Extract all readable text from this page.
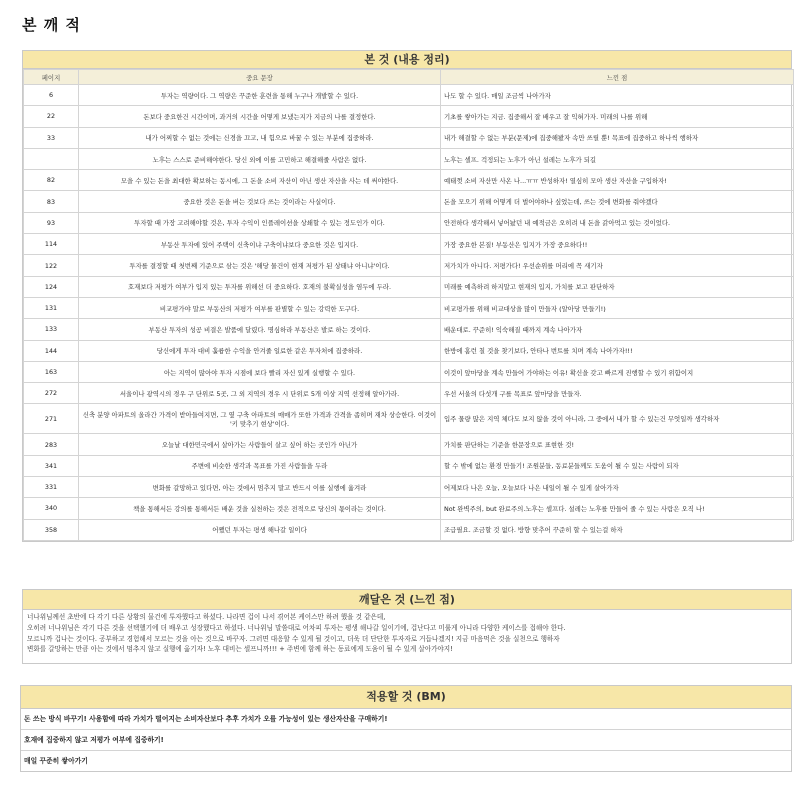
본 깨 적
본 것 (내용 정리)
페이지	중요 문장	느낀 점
6	투자는 역량이다. 그 역량은 꾸준한 훈련을 통해 누구나 개발할 수 있다.	나도 할 수 있다. 매일 조금씩 나아가자
22	돈보다 중요한건 시간이며, 과거의 시간을 어떻게 보냈는지가 지금의 나를 결정한다.	기초를 쌓아가는 지금. 집중해서 잘 배우고 잘 익혀가자. 미래의 나를 위해
33	내가 어찌할 수 없는 것에는 신경을 끄고, 내 힘으로 바꿀 수 있는 부분에 집중하라.	내가 해결할 수 없는 부분(문제)에 집중해봤자 속만 쓰릴 뿐! 목표에 집중하고 하나씩 행하자
	노후는 스스로 준비해야한다. 당신 외에 이를 고민하고 해결해줄 사람은 없다.	노후는 셀프. 걱정되는 노후가 아닌 설레는 노후가 되길
82	모을 수 있는 돈을 최대한 확보하는 동시에, 그 돈을 소비 자산이 아닌 생산 자산을 사는 데 써야한다.	예태껏 소비 자산만 사온 나...ㅠㅠ 반성하자! 열심히 모아 생산 자산을 구입하자!
83	중요한 것은 돈을 버는 것보다 쓰는 것이라는 사실이다.	돈을 모으기 위해 어떻게 더 벌어야하나 싶었는데, 쓰는 것에 변화를 줘야겠다
93	투자할 때 가장 고려해야할 것은, 투자 수익이 인플레이션을 상쇄할 수 있는 정도인가 이다.	안전하다 생각해서 넣어놨던 내 예적금은 오히려 내 돈을 갉아먹고 있는 것이었다.
114	부동산 투자에 있어 주택이 신축이냐 구축이냐보다 중요한 것은 입지다.	가장 중요한 본질! 부동산은 입지가 가장 중요하다!!
122	투자를 결정할 때 첫번째 기준으로 삼는 것은 '해당 물건이 현재 저평가 된 상태냐 아니냐'이다.	저가치가 아니다. 저평가다! 우선순위를 머리에 꼭 새기자
124	호재보다 저평가 여부가 입지 있는 투자를 위해선 더 중요하다. 호재의 불확실성을 염두에 두라.	미래를 예측하려 하지말고 현재의 입지, 가치를 보고 판단하자
131	비교평가야 말로 부동산의 저평가 여부를 판별할 수 있는 강력한 도구다.	비교평가를 위해 비교대상을 많이 만들자 (알아당 만들기!)
133	부동산 투자의 성공 비결은 발품에 달렸다. 명심하라 부동산은 발로 하는 것이다.	배운대로. 꾸준히! 익숙해질 때까지 계속 나아가자
144	당신에게 투자 대비 훌륭한 수익을 안겨줄 일료한 같은 투자처에 집중하라.	한방에 홈런 칠 것을 찾기보다, 안타나 번트를 치며 계속 나아가자!!!
163	아는 지역이 많아야 투자 시점에 보다 빨리 자신 있게 실행할 수 있다.	이것이 앞마당을 계속 만들어 가야하는 이유! 확신을 갖고 빠르게 진행할 수 있기 위함이지
272	서울이나 광역시의 경우 구 단위로 5곳, 그 외 지역의 경우 시 단위로 5개 이상 지역 선정해 알아가라.	우선 서울의 다섯개 구를 목표로 앞마당을 만들자.
271	신축 분양 아파트의 올라간 가격이 받아들여지면, 그 옆 구축 아파트의 매매가 또한 가격과 간격을 좁히며 재차 상승한다. 이것이 '키 맞추기 현상'이다.	입주 물량 많은 지역 체다도 보지 않을 것이 아니라, 그 중에서 내가 할 수 있는건 무엇일까 생각하자
283	오늘날 대한민국에서 살아가는 사람들이 살고 싶어 하는 곳인가 아닌가	가치를 판단하는 기준을 한문장으로 표현한 것!
341	주변에 비슷한 생각과 목표를 가진 사람들을 두라	할 수 밖에 없는 환경 만들기! 조원분들, 동료분들께도 도움이 될 수 있는 사람이 되자
331	변화를 갈망하고 있다면, 아는 것에서 멈추지 말고 반드시 이를 실행에 옮겨라	어제보다 나은 오늘, 오늘보다 나은 내일이 될 수 있게 살아가자
340	책을 통해서든 강의를 통해서든 배운 것을 실천하는 것은 전적으로 당신의 몫이라는 것이다.	Not 완벽주의, but 완료주의.노후는 셀프다. 설레는 노후를 만들어 줄 수 있는 사람은 오직 나!
358	어쨌던 투자는 평생 해나갈 일이다	조급필요. 조금할 것 없다. 방향 맞추어 꾸준히 할 수 있는걸 하자
깨달은 것 (느낀 점)
너나위님께선 초반에 다 각기 다른 상황의 물건에 투자했다고 하셨다. 나라면 겁이 나서 겪어본 케이스만 하려 했을 것 같은데,
오히려 너나위님은 각기 다른 것을 선택했기에 더 배우고 성장했다고 하셨다. 너나위님 말씀대로 어차피 투자는 평생 해나갈 일이기에, 겁난다고 미룰게 아니라 다양한 케이스를 접해야 한다.
모르니까 겁나는 것이다. 공부하고 경험해서 모르는 것을 아는 것으로 바꾸자. 그러면 대응할 수 있게 될 것이고, 더욱 더 단단한 투자자로 거듭나겠지! 지금 마음먹은 것을 실천으로 행하자
변화를 갈망하는 만큼 아는 것에서 멈추지 않고 실행에 옮기자! 노후 대비는 셀프니까!!! + 주변에 함께 하는 동료에게 도움이 될 수 있게 살아가야지!
적용할 것 (BM)
돈 쓰는 방식 바꾸기! 사용함에 따라 가치가 떨어지는 소비자산보다 추후 가치가 오를 가능성이 있는 생산자산을 구매하기!
호재에 집중하지 않고 저평가 여부에 집중하기!
매일 꾸준히 쌓아가기
